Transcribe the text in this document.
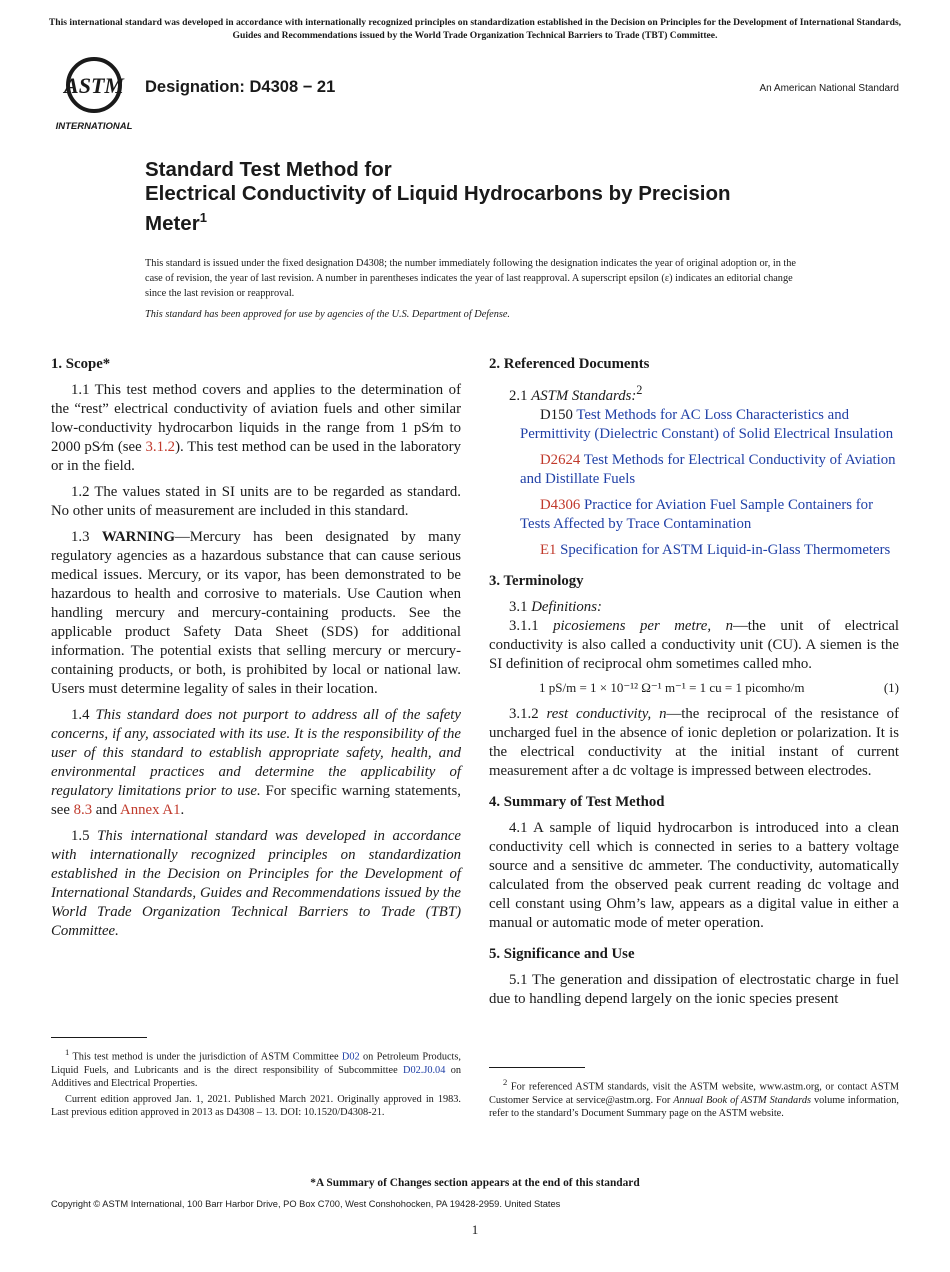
This international standard was developed in accordance with internationally recognized principles on standardization established in the Decision on Principles for the Development of International Standards, Guides and Recommendations issued by the World Trade Organization Technical Barriers to Trade (TBT) Committee.
ASTM
INTERNATIONAL
Designation: D4308 − 21	An American National Standard
Standard Test Method for
Electrical Conductivity of Liquid Hydrocarbons by Precision
Meter$^1$

This standard is issued under the fixed designation D4308; the number immediately following the designation indicates the year of original adoption or, in the case of revision, the year of last revision. A number in parentheses indicates the year of last reapproval. A superscript epsilon (ε) indicates an editorial change since the last revision or reapproval.

This standard has been approved for use by agencies of the U.S. Department of Defense.
1. Scope*

1.1 This test method covers and applies to the determination of the “rest” electrical conductivity of aviation fuels and other similar low-conductivity hydrocarbon liquids in the range from 1 pS⁄m to 2000 pS⁄m (see 3.1.2). This test method can be used in the laboratory or in the field.

1.2 The values stated in SI units are to be regarded as standard. No other units of measurement are included in this standard.

1.3 WARNING—Mercury has been designated by many regulatory agencies as a hazardous substance that can cause serious medical issues. Mercury, or its vapor, has been demonstrated to be hazardous to health and corrosive to materials. Use Caution when handling mercury and mercury-containing products. See the applicable product Safety Data Sheet (SDS) for additional information. The potential exists that selling mercury or mercury-containing products, or both, is prohibited by local or national law. Users must determine legality of sales in their location.

1.4 This standard does not purport to address all of the safety concerns, if any, associated with its use. It is the responsibility of the user of this standard to establish appropriate safety, health, and environmental practices and determine the applicability of regulatory limitations prior to use. For specific warning statements, see 8.3 and Annex A1.

1.5 This international standard was developed in accordance with internationally recognized principles on standardization established in the Decision on Principles for the Development of International Standards, Guides and Recommendations issued by the World Trade Organization Technical Barriers to Trade (TBT) Committee.

$^1$ This test method is under the jurisdiction of ASTM Committee D02 on Petroleum Products, Liquid Fuels, and Lubricants and is the direct responsibility of Subcommittee D02.J0.04 on Additives and Electrical Properties.

Current edition approved Jan. 1, 2021. Published March 2021. Originally approved in 1983. Last previous edition approved in 2013 as D4308 – 13. DOI: 10.1520/D4308-21.

2. Referenced Documents

2.1 ASTM Standards:$^2$

D150 Test Methods for AC Loss Characteristics and Permittivity (Dielectric Constant) of Solid Electrical Insulation

D2624 Test Methods for Electrical Conductivity of Aviation and Distillate Fuels

D4306 Practice for Aviation Fuel Sample Containers for Tests Affected by Trace Contamination

E1 Specification for ASTM Liquid-in-Glass Thermometers

3. Terminology

3.1 Definitions:

3.1.1 picosiemens per metre, n—the unit of electrical conductivity is also called a conductivity unit (CU). A siemen is the SI definition of reciprocal ohm sometimes called mho.

1 pS/m = 1 × 10⁻¹² Ω⁻¹ m⁻¹ = 1 cu = 1 picomho/m	(1)

3.1.2 rest conductivity, n—the reciprocal of the resistance of uncharged fuel in the absence of ionic depletion or polarization. It is the electrical conductivity at the initial instant of current measurement after a dc voltage is impressed between electrodes.

4. Summary of Test Method

4.1 A sample of liquid hydrocarbon is introduced into a clean conductivity cell which is connected in series to a battery voltage source and a sensitive dc ammeter. The conductivity, automatically calculated from the observed peak current reading dc voltage and cell constant using Ohm’s law, appears as a digital value in either a manual or automatic mode of meter operation.

5. Significance and Use

5.1 The generation and dissipation of electrostatic charge in fuel due to handling depend largely on the ionic species present

$^2$ For referenced ASTM standards, visit the ASTM website, www.astm.org, or contact ASTM Customer Service at service@astm.org. For Annual Book of ASTM Standards volume information, refer to the standard’s Document Summary page on the ASTM website.

*A Summary of Changes section appears at the end of this standard
Copyright © ASTM International, 100 Barr Harbor Drive, PO Box C700, West Conshohocken, PA 19428-2959. United States
1
